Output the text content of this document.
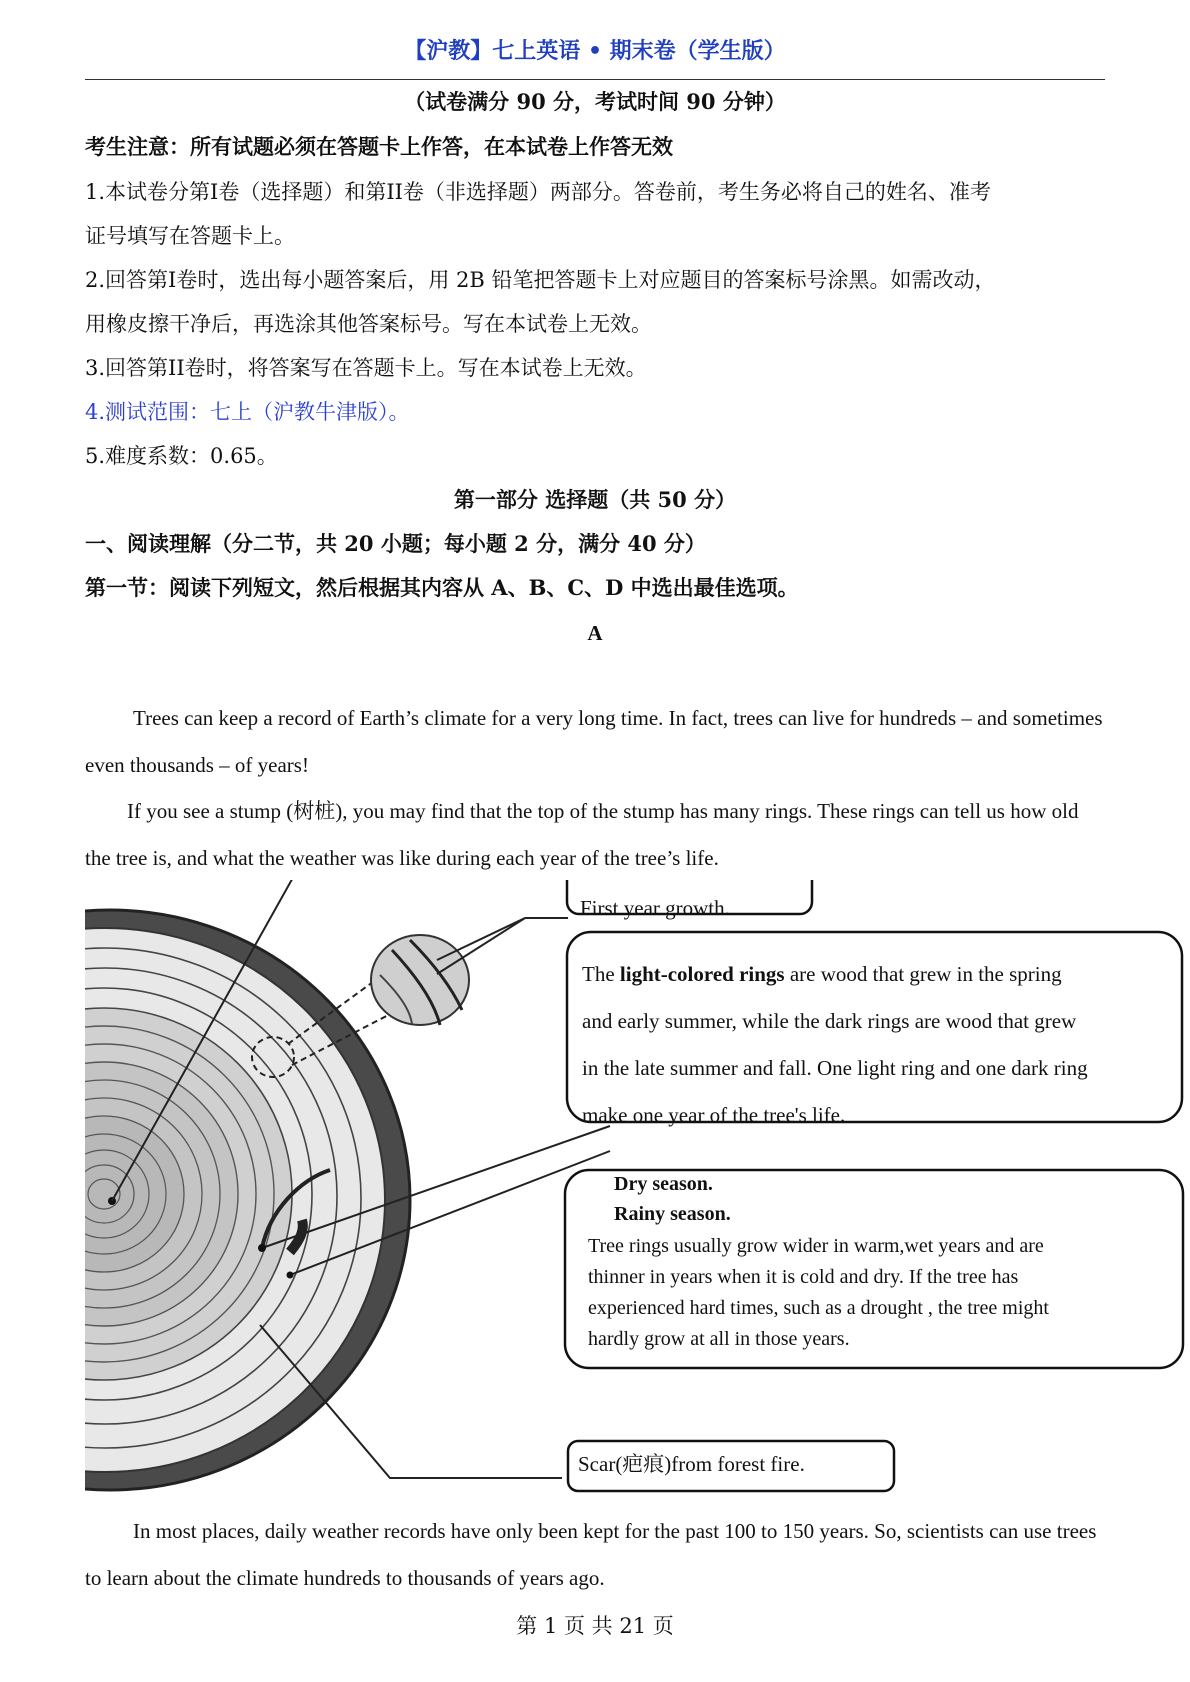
【沪教】七上英语 • 期末卷（学生版）
（试卷满分 90 分，考试时间 90 分钟）
考生注意：所有试题必须在答题卡上作答，在本试卷上作答无效
1.本试卷分第I卷（选择题）和第II卷（非选择题）两部分。答卷前，考生务必将自己的姓名、准考
证号填写在答题卡上。
2.回答第I卷时，选出每小题答案后，用 2B 铅笔把答题卡上对应题目的答案标号涂黑。如需改动，
用橡皮擦干净后，再选涂其他答案标号。写在本试卷上无效。
3.回答第II卷时，将答案写在答题卡上。写在本试卷上无效。
4.测试范围：七上（沪教牛津版）。
5.难度系数：0.65。
第一部分 选择题（共 50 分）
一、阅读理解（分二节，共 20 小题；每小题 2 分，满分 40 分）
第一节：阅读下列短文，然后根据其内容从 A、B、C、D 中选出最佳选项。
A
Trees can keep a record of Earth’s climate for a very long time. In fact, trees can live for hundreds – and sometimes even thousands – of years!
If you see a stump (树桩), you may find that the top of the stump has many rings. These rings can tell us how old the tree is, and what the weather was like during each year of the tree’s life.
First year growth.
The light-colored rings are wood that grew in the spring
and early summer, while the dark rings are wood that grew
in the late summer and fall. One light ring and one dark ring
make one year of the tree's life.
Dry season.
Rainy season.
Tree rings usually grow wider in warm,wet years and are
thinner in years when it is cold and dry. If the tree has
experienced hard times, such as a drought , the tree might
hardly grow at all in those years.
Scar(疤痕)from forest fire.
In most places, daily weather records have only been kept for the past 100 to 150 years. So, scientists can use trees to learn about the climate hundreds to thousands of years ago.
第 1 页 共 21 页
